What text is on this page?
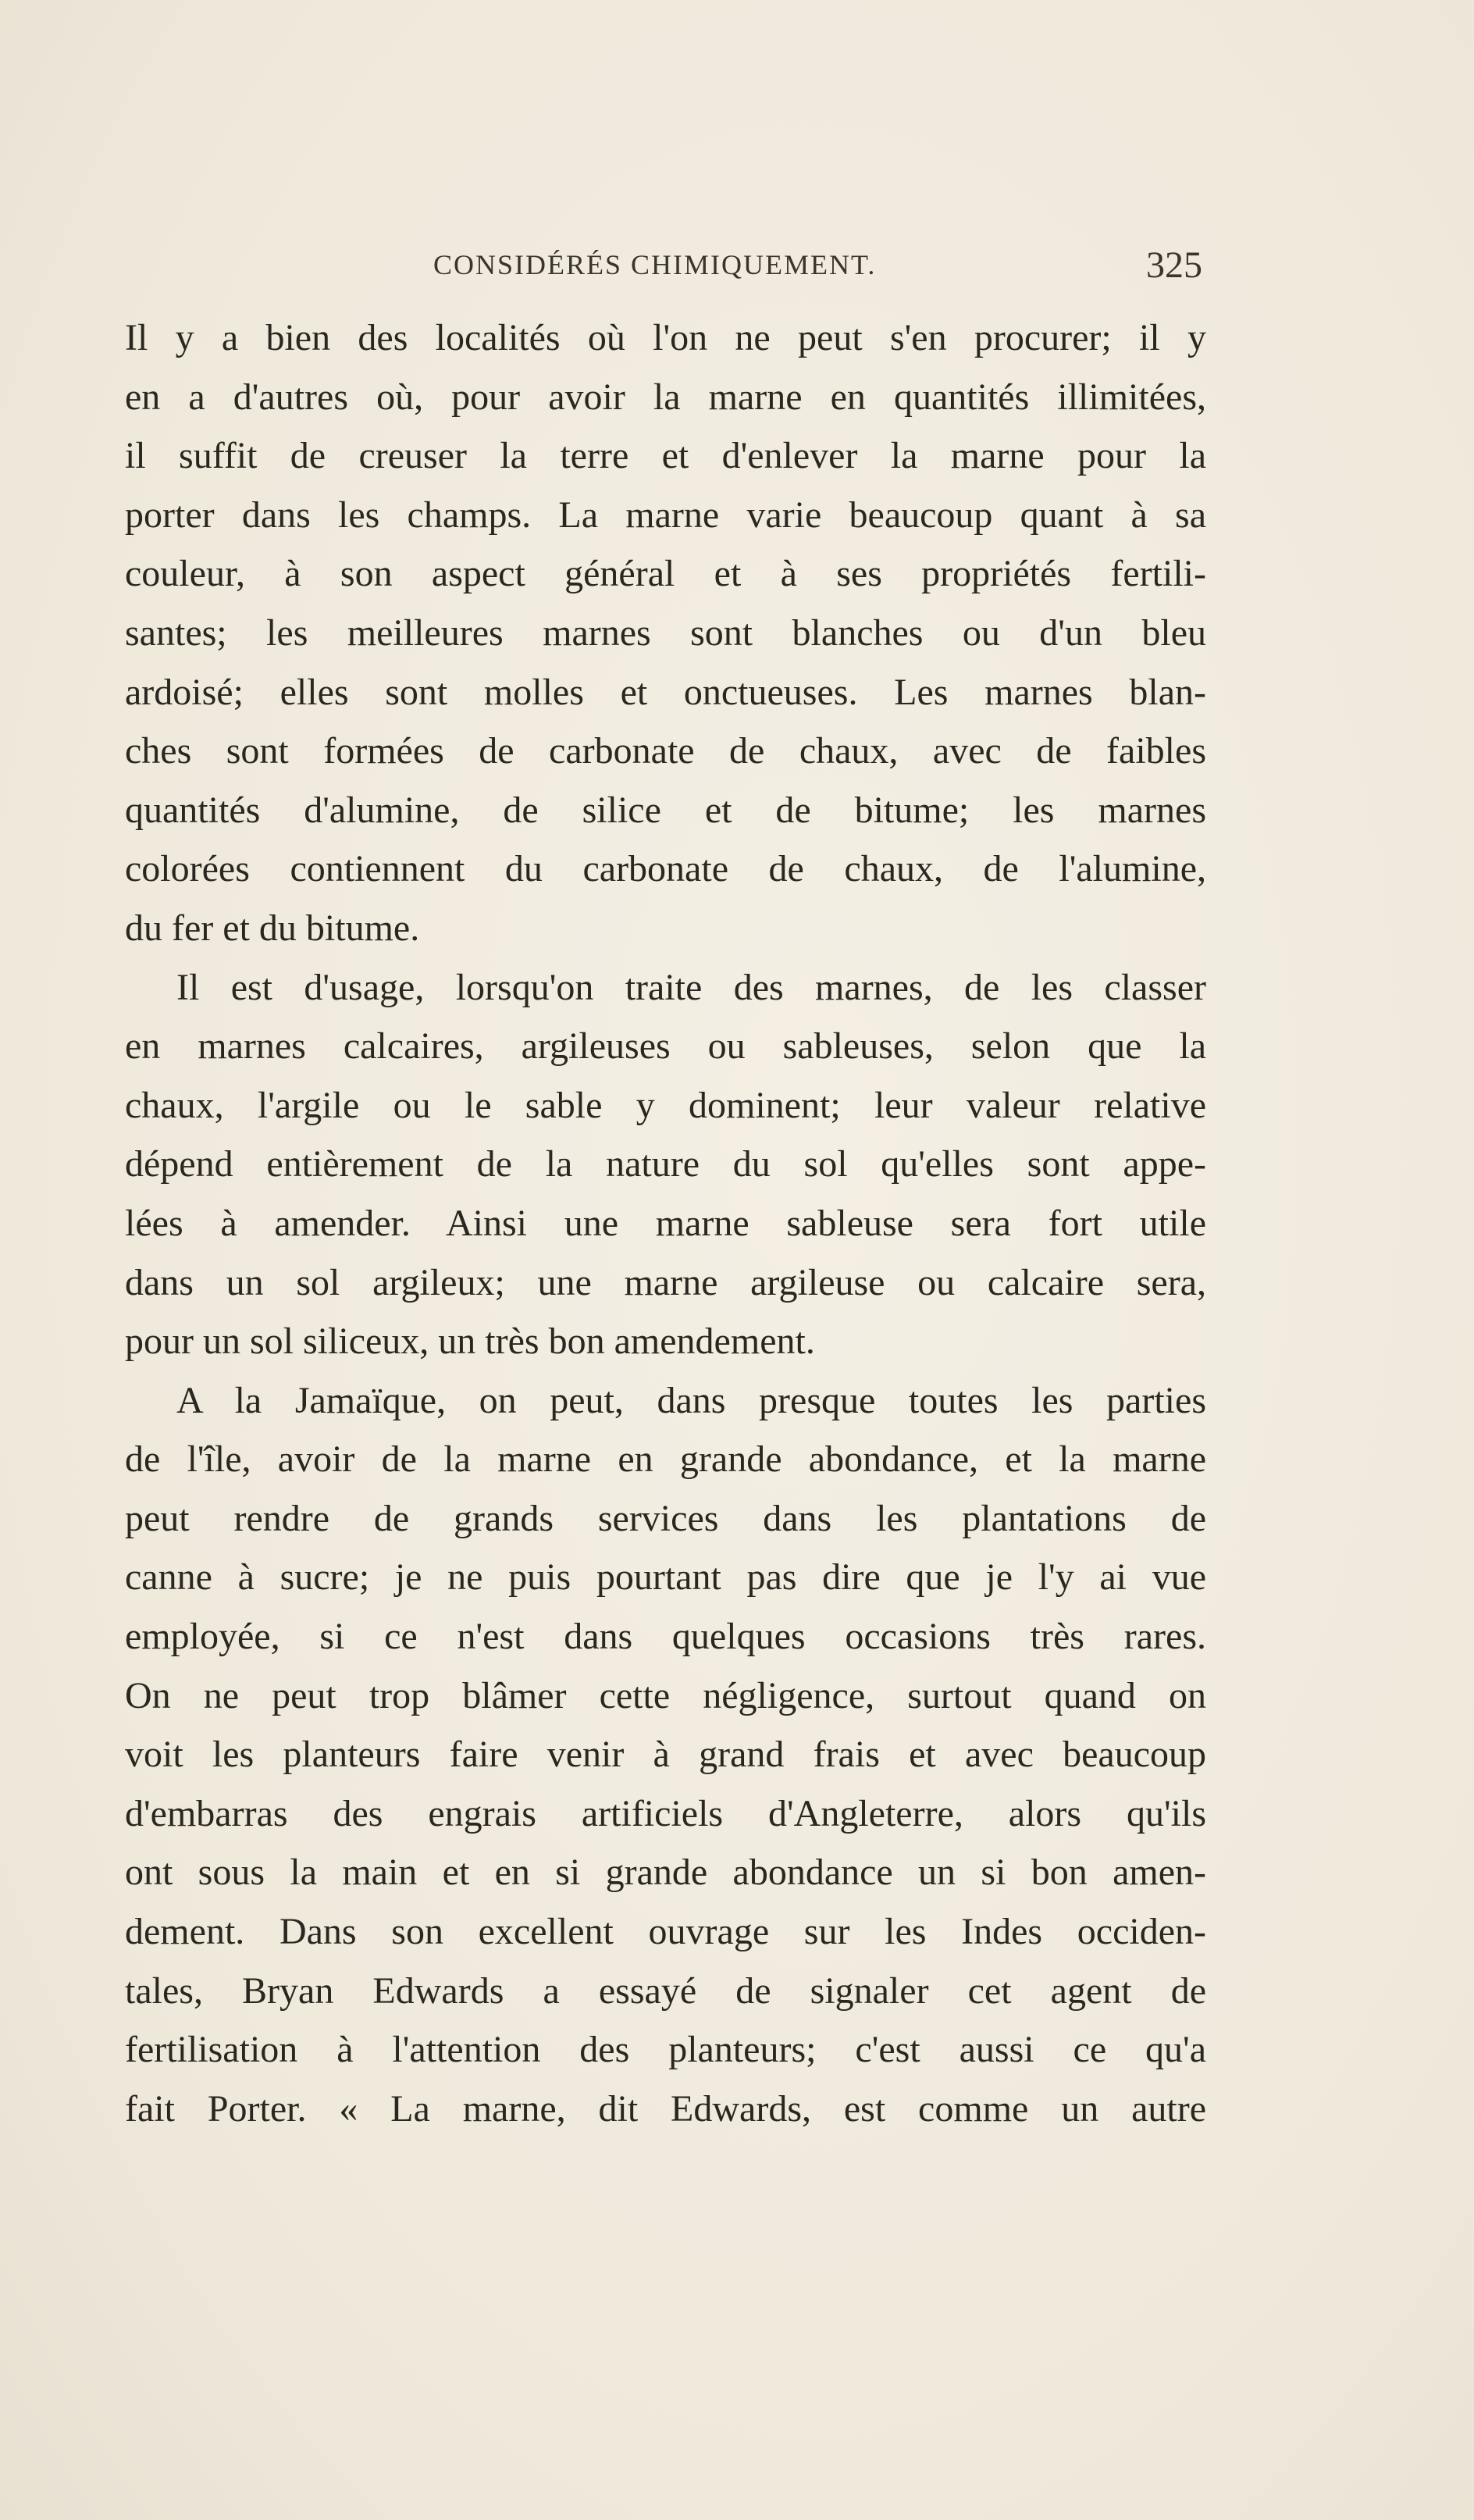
CONSIDÉRÉS CHIMIQUEMENT.	325
Il y a bien des localités où l'on ne peut s'en procurer; il y
en a d'autres où, pour avoir la marne en quantités illimitées,
il suffit de creuser la terre et d'enlever la marne pour la
porter dans les champs. La marne varie beaucoup quant à sa
couleur, à son aspect général et à ses propriétés fertili-
santes; les meilleures marnes sont blanches ou d'un bleu
ardoisé; elles sont molles et onctueuses. Les marnes blan-
ches sont formées de carbonate de chaux, avec de faibles
quantités d'alumine, de silice et de bitume; les marnes
colorées contiennent du carbonate de chaux, de l'alumine,
du fer et du bitume.
Il est d'usage, lorsqu'on traite des marnes, de les classer
en marnes calcaires, argileuses ou sableuses, selon que la
chaux, l'argile ou le sable y dominent; leur valeur relative
dépend entièrement de la nature du sol qu'elles sont appe-
lées à amender. Ainsi une marne sableuse sera fort utile
dans un sol argileux; une marne argileuse ou calcaire sera,
pour un sol siliceux, un très bon amendement.
A la Jamaïque, on peut, dans presque toutes les parties
de l'île, avoir de la marne en grande abondance, et la marne
peut rendre de grands services dans les plantations de
canne à sucre; je ne puis pourtant pas dire que je l'y ai vue
employée, si ce n'est dans quelques occasions très rares.
On ne peut trop blâmer cette négligence, surtout quand on
voit les planteurs faire venir à grand frais et avec beaucoup
d'embarras des engrais artificiels d'Angleterre, alors qu'ils
ont sous la main et en si grande abondance un si bon amen-
dement. Dans son excellent ouvrage sur les Indes occiden-
tales, Bryan Edwards a essayé de signaler cet agent de
fertilisation à l'attention des planteurs; c'est aussi ce qu'a
fait Porter. « La marne, dit Edwards, est comme un autre
